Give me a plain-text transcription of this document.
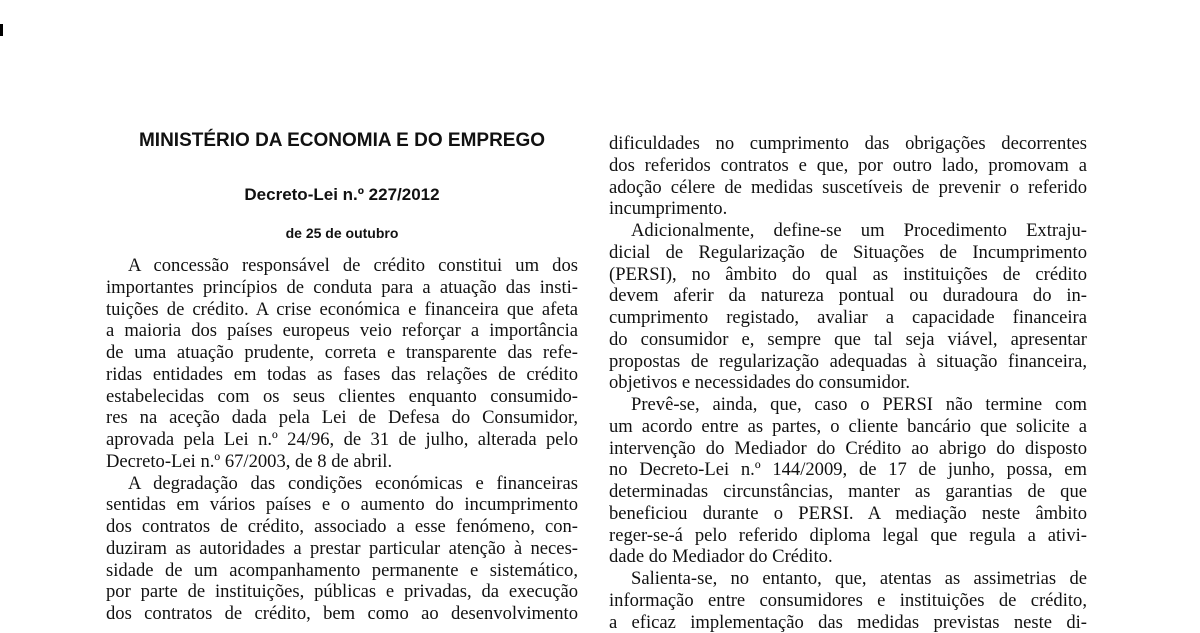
MINISTÉRIO DA ECONOMIA E DO EMPREGO
Decreto-Lei n.º 227/2012
de 25 de outubro

A concessão responsável de crédito constitui um dos
importantes princípios de conduta para a atuação das insti-
tuições de crédito. A crise económica e financeira que afeta
a maioria dos países europeus veio reforçar a importância
de uma atuação prudente, correta e transparente das refe-
ridas entidades em todas as fases das relações de crédito
estabelecidas com os seus clientes enquanto consumido-
res na aceção dada pela Lei de Defesa do Consumidor,
aprovada pela Lei n.º 24/96, de 31 de julho, alterada pelo
Decreto-Lei n.º 67/2003, de 8 de abril.

A degradação das condições económicas e financeiras
sentidas em vários países e o aumento do incumprimento
dos contratos de crédito, associado a esse fenómeno, con-
duziram as autoridades a prestar particular atenção à neces-
sidade de um acompanhamento permanente e sistemático,
por parte de instituições, públicas e privadas, da execução
dos contratos de crédito, bem como ao desenvolvimento

dificuldades no cumprimento das obrigações decorrentes
dos referidos contratos e que, por outro lado, promovam a
adoção célere de medidas suscetíveis de prevenir o referido
incumprimento.

Adicionalmente, define-se um Procedimento Extraju-
dicial de Regularização de Situações de Incumprimento
(PERSI), no âmbito do qual as instituições de crédito
devem aferir da natureza pontual ou duradoura do in-
cumprimento registado, avaliar a capacidade financeira
do consumidor e, sempre que tal seja viável, apresentar
propostas de regularização adequadas à situação financeira,
objetivos e necessidades do consumidor.

Prevê-se, ainda, que, caso o PERSI não termine com
um acordo entre as partes, o cliente bancário que solicite a
intervenção do Mediador do Crédito ao abrigo do disposto
no Decreto-Lei n.º 144/2009, de 17 de junho, possa, em
determinadas circunstâncias, manter as garantias de que
beneficiou durante o PERSI. A mediação neste âmbito
reger-se-á pelo referido diploma legal que regula a ativi-
dade do Mediador do Crédito.

Salienta-se, no entanto, que, atentas as assimetrias de
informação entre consumidores e instituições de crédito,
a eficaz implementação das medidas previstas neste di-
